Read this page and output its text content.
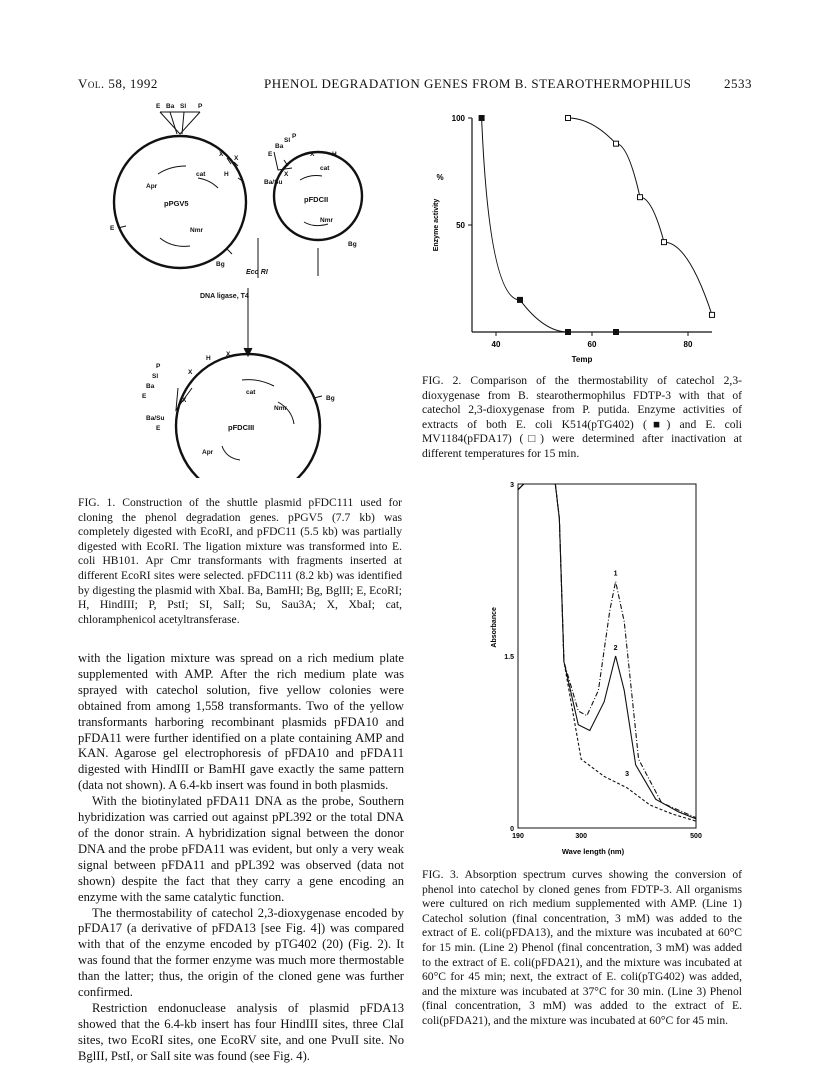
Vol. 58, 1992	PHENOL DEGRADATION GENES FROM B. STEAROTHERMOPHILUS	2533
E Ba Sl P
X
H
X
Apr
cat
pPGV5
Nmr
E
Bg
E
Ba
Sl
P
X	H
Ba/Su
X
cat
pFDCII
Nmr
Bg
Eco RI
DNA ligase, T4
H
X
P
Sl
Ba
E
X
X
Ba/Su
E
cat
pFDCIII
Nmr
Bg
Apr
FIG. 1. Construction of the shuttle plasmid pFDC111 used for cloning the phenol degradation genes. pPGV5 (7.7 kb) was completely digested with EcoRI, and pFDC11 (5.5 kb) was partially digested with EcoRI. The ligation mixture was transformed into E. coli HB101. Apr Cmr transformants with fragments inserted at different EcoRI sites were selected. pFDC111 (8.2 kb) was identified by digesting the plasmid with XbaI. Ba, BamHI; Bg, BglII; E, EcoRI; H, HindIII; P, PstI; SI, SalI; Su, Sau3A; X, XbaI; cat, chloramphenicol acetyltransferase.

with the ligation mixture was spread on a rich medium plate supplemented with AMP. After the rich medium plate was sprayed with catechol solution, five yellow colonies were obtained from among 1,558 transformants. Two of the yellow transformants harboring recombinant plasmids pFDA10 and pFDA11 were further identified on a plate containing AMP and KAN. Agarose gel electrophoresis of pFDA10 and pFDA11 digested with HindIII or BamHI gave exactly the same pattern (data not shown). A 6.4-kb insert was found in both plasmids.

With the biotinylated pFDA11 DNA as the probe, Southern hybridization was carried out against pPL392 or the total DNA of the donor strain. A hybridization signal between the donor DNA and the probe pFDA11 was evident, but only a very weak signal between pFDA11 and pPL392 was observed (data not shown) despite the fact that they carry a gene encoding an enzyme with the same catalytic function.

The thermostability of catechol 2,3-dioxygenase encoded by pFDA17 (a derivative of pFDA13 [see Fig. 4]) was compared with that of the enzyme encoded by pTG402 (20) (Fig. 2). It was found that the former enzyme was much more thermostable than the latter; thus, the origin of the cloned gene was further confirmed.

Restriction endonuclease analysis of plasmid pFDA13 showed that the 6.4-kb insert has four HindIII sites, three ClaI sites, two EcoRI sites, one EcoRV site, and one PvuII site. No BglII, PstI, or SalI site was found (see Fig. 4).

40	60	80
100
50
Temp
Enzyme activity
%
FIG. 2. Comparison of the thermostability of catechol 2,3-dioxygenase from B. stearothermophilus FDTP-3 with that of catechol 2,3-dioxygenase from P. putida. Enzyme activities of extracts of both E. coli K514(pTG402) (■) and E. coli MV1184(pFDA17) (□) were determined after inactivation at different temperatures for 15 min.
190	300	500
3
1.5
0
Wave length (nm)
Absorbance
1
2
3
FIG. 3. Absorption spectrum curves showing the conversion of phenol into catechol by cloned genes from FDTP-3. All organisms were cultured on rich medium supplemented with AMP. (Line 1) Catechol solution (final concentration, 3 mM) was added to the extract of E. coli(pFDA13), and the mixture was incubated at 60°C for 15 min. (Line 2) Phenol (final concentration, 3 mM) was added to the extract of E. coli(pFDA21), and the mixture was incubated at 60°C for 45 min; next, the extract of E. coli(pTG402) was added, and the mixture was incubated at 37°C for 30 min. (Line 3) Phenol (final concentration, 3 mM) was added to the extract of E. coli(pFDA21), and the mixture was incubated at 60°C for 45 min.
